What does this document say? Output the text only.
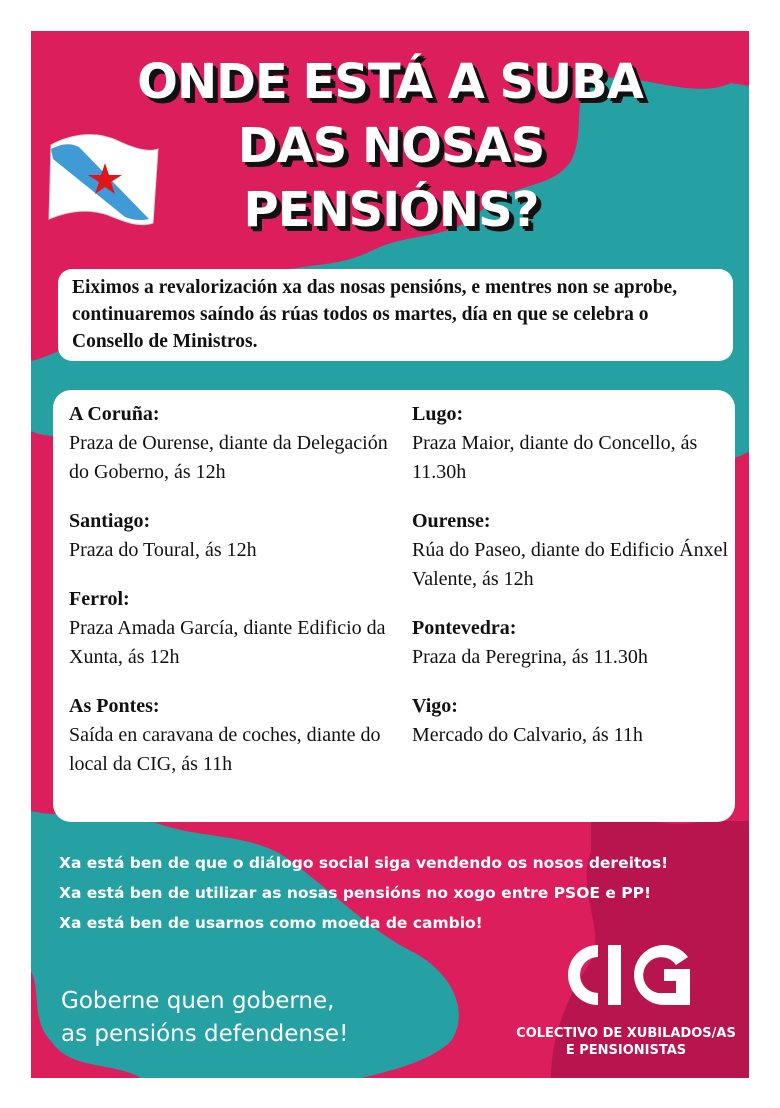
ONDE ESTÁ A SUBA
DAS NOSAS
PENSIÓNS?
Eiximos a revalorización xa das nosas pensións, e mentres non se aprobe, continuaremos saíndo ás rúas todos os martes, día en que se celebra o Consello de Ministros.
A Coruña:
Praza de Ourense, diante da Delegación do Goberno, ás 12h
Santiago:
Praza do Toural, ás 12h
Ferrol:
Praza Amada García, diante Edificio da Xunta, ás 12h
As Pontes:
Saída en caravana de coches, diante do local da CIG, ás 11h
Lugo:
Praza Maior, diante do Concello, ás 11.30h
Ourense:
Rúa do Paseo, diante do Edificio Ánxel Valente, ás 12h
Pontevedra:
Praza da Peregrina, ás 11.30h
Vigo:
Mercado do Calvario, ás 11h
Xa está ben de que o diálogo social siga vendendo os nosos dereitos!
Xa está ben de utilizar as nosas pensións no xogo entre PSOE e PP!
Xa está ben de usarnos como moeda de cambio!
Goberne quen goberne,
as pensións defendense!	COLECTIVO DE XUBILADOS/AS
E PENSIONISTAS
